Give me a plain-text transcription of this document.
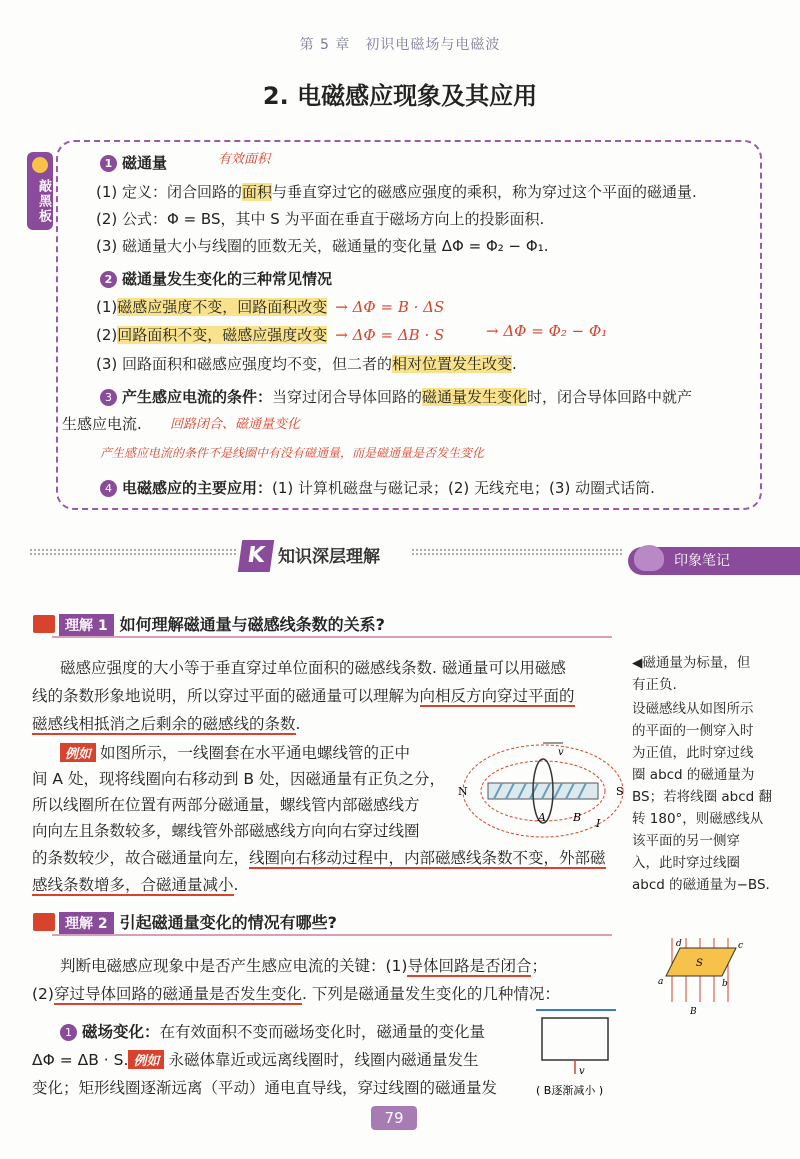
第 5 章　初识电磁场与电磁波
2. 电磁感应现象及其应用
敲黑板
1 磁通量	有效面积
(1) 定义：闭合回路的面积与垂直穿过它的磁感应强度的乘积，称为穿过这个平面的磁通量.
(2) 公式：Φ = BS，其中 S 为平面在垂直于磁场方向上的投影面积.
(3) 磁通量大小与线圈的匝数无关，磁通量的变化量 ΔΦ = Φ₂ − Φ₁.
2 磁通量发生变化的三种常见情况
(1)磁感应强度不变，回路面积改变 → ΔΦ = B · ΔS
(2)回路面积不变，磁感应强度改变 → ΔΦ = ΔB · S	→ ΔΦ = Φ₂ − Φ₁
(3) 回路面积和磁感应强度均不变，但二者的相对位置发生改变.
3 产生感应电流的条件：当穿过闭合导体回路的磁通量发生变化时，闭合导体回路中就产
生感应电流. 回路闭合、磁通量变化
产生感应电流的条件不是线圈中有没有磁通量，而是磁通量是否发生变化
4 电磁感应的主要应用：(1) 计算机磁盘与磁记录；(2) 无线充电；(3) 动圈式话筒.
K 知识深层理解	印象笔记
理解 1 如何理解磁通量与磁感线条数的关系?
磁感应强度的大小等于垂直穿过单位面积的磁感线条数. 磁通量可以用磁感
线的条数形象地说明，所以穿过平面的磁通量可以理解为向相反方向穿过平面的
磁感线相抵消之后剩余的磁感线的条数.
例如 如图所示，一线圈套在水平通电螺线管的正中
间 A 处，现将线圈向右移动到 B 处，因磁通量有正负之分，
所以线圈所在位置有两部分磁通量，螺线管内部磁感线方
向向左且条数较多，螺线管外部磁感线方向向右穿过线圈
的条数较少，故合磁通量向左，线圈向右移动过程中，内部磁感线条数不变，外部磁
感线条数增多，合磁通量减小.
N	S
A B
v
I
理解 2 引起磁通量变化的情况有哪些?
判断电磁感应现象中是否产生感应电流的关键：(1)导体回路是否闭合；
(2)穿过导体回路的磁通量是否发生变化. 下列是磁通量发生变化的几种情况：
1 磁场变化：在有效面积不变而磁场变化时，磁通量的变化量
ΔΦ = ΔB · S. 例如 永磁体靠近或远离线圈时，线圈内磁通量发生
变化；矩形线圈逐渐远离（平动）通电直导线，穿过线圈的磁通量发
v
( B逐渐减小 )
◀磁通量为标量，但
有正负.
设磁感线从如图所示
的平面的一侧穿入时
为正值，此时穿过线
圈 abcd 的磁通量为
BS；若将线圈 abcd 翻
转 180°，则磁感线从
该平面的另一侧穿
入，此时穿过线圈
abcd 的磁通量为−BS.
d	c
a	b
S
B
79
